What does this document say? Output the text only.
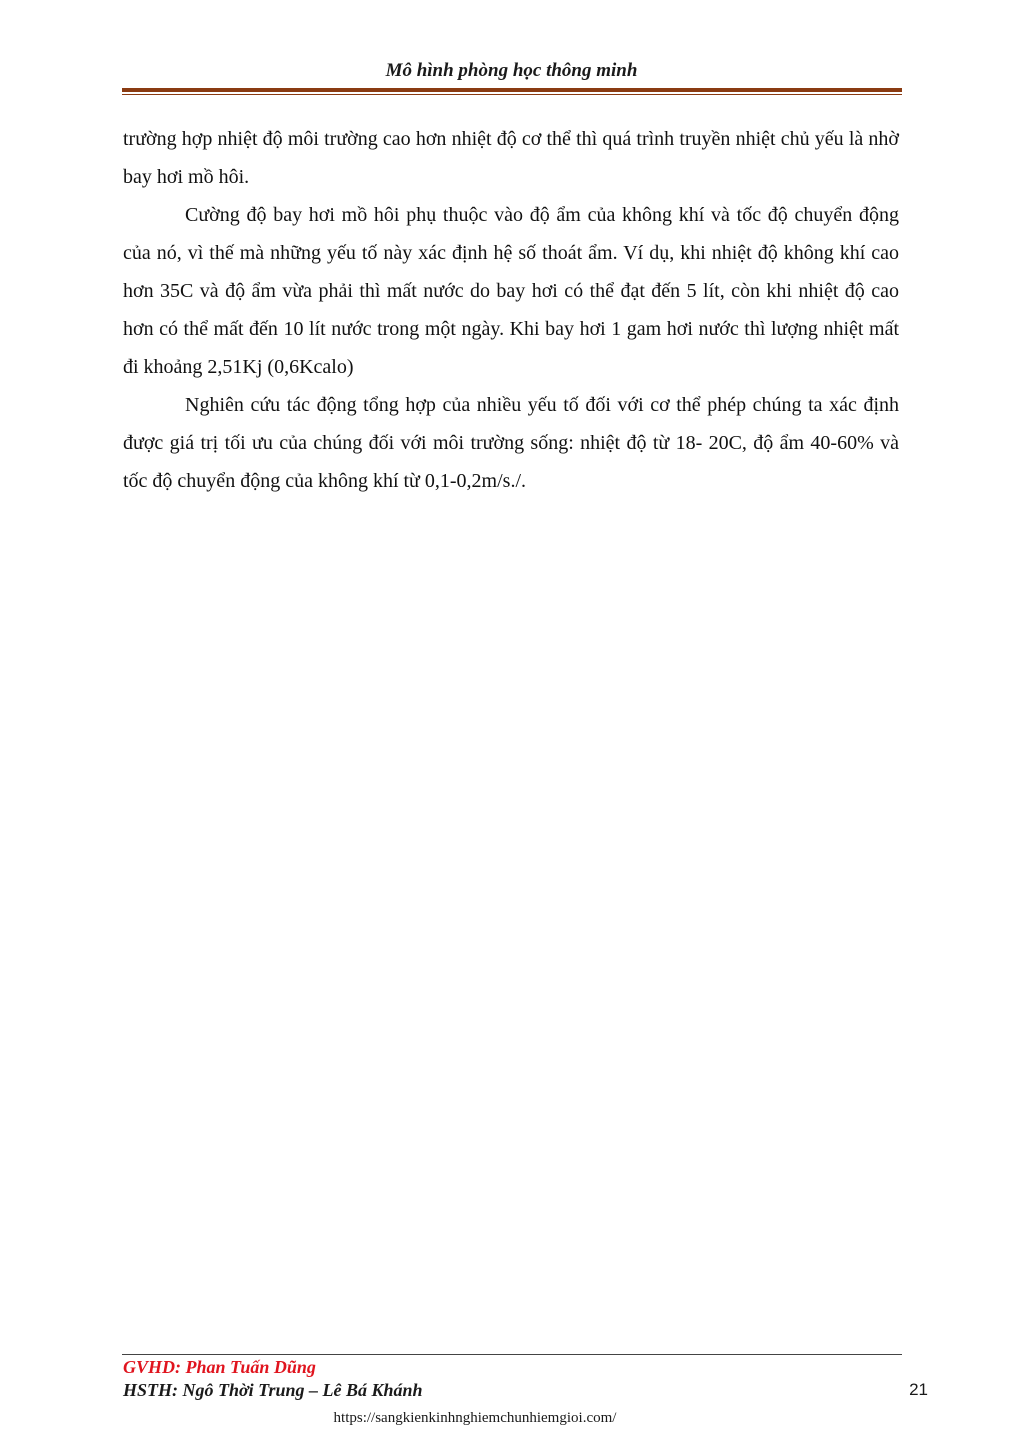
Mô hình phòng học thông minh

trường hợp nhiệt độ môi trường cao hơn nhiệt độ cơ thể thì quá trình truyền nhiệt chủ yếu là nhờ bay hơi mồ hôi.

Cường độ bay hơi mồ hôi phụ thuộc vào độ ẩm của không khí và tốc độ chuyển động của nó, vì thế mà những yếu tố này xác định hệ số thoát ẩm. Ví dụ, khi nhiệt độ không khí cao hơn 35C và độ ẩm vừa phải thì mất nước do bay hơi có thể đạt đến 5 lít, còn khi nhiệt độ cao hơn có thể mất đến 10 lít nước trong một ngày. Khi bay hơi 1 gam hơi nước thì lượng nhiệt mất đi khoảng 2,51Kj (0,6Kcalo)

Nghiên cứu tác động tổng hợp của nhiều yếu tố đối với cơ thể phép chúng ta xác định được giá trị tối ưu của chúng đối với môi trường sống: nhiệt độ từ 18- 20C, độ ẩm 40-60% và tốc độ chuyển động của không khí từ 0,1-0,2m/s./.

GVHD: Phan Tuấn Dũng
HSTH: Ngô Thời Trung – Lê Bá Khánh	21
https://sangkienkinhnghiemchunhiemgioi.com/
